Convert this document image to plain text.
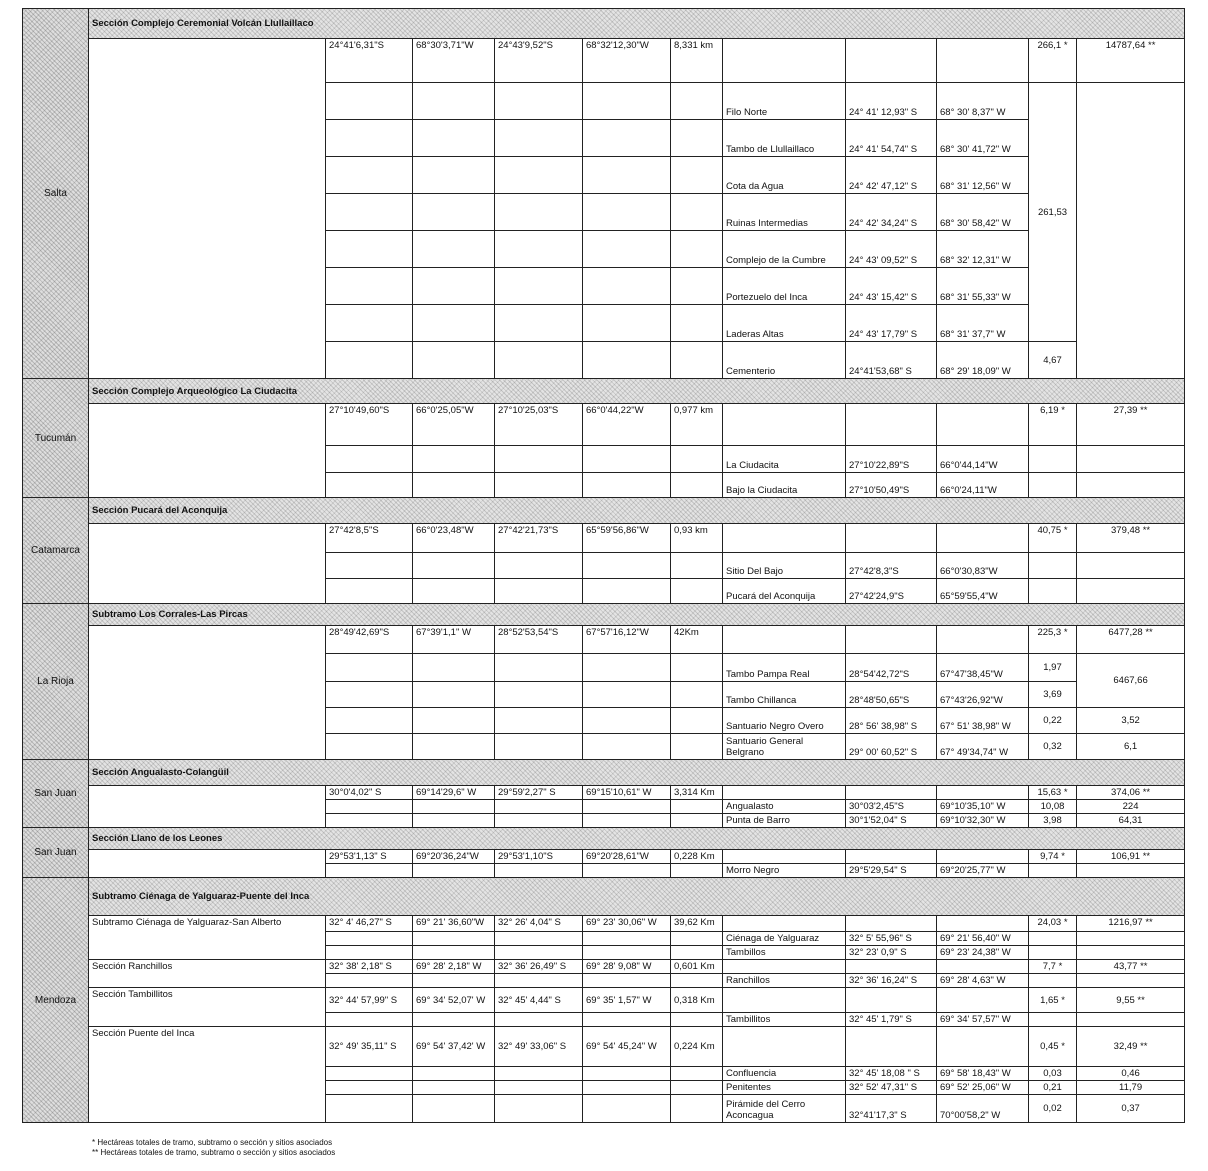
Salta	Sección Complejo Ceremonial Volcán Llullaillaco										
		24°41'6,31"S	68°30'3,71"W	24°43'9,52"S	68°32'12,30"W	8,331 km				266,1 *	14787,64 **
							Filo Norte	24° 41' 12,93" S	68° 30' 8,37" W	261,53	
							Tambo de Llullaillaco	24° 41' 54,74" S	68° 30' 41,72" W		
							Cota da Agua	24° 42' 47,12" S	68° 31' 12,56" W		
							Ruinas Intermedias	24° 42' 34,24" S	68° 30' 58,42" W		
							Complejo de la Cumbre	24° 43' 09,52" S	68° 32' 12,31" W		
							Portezuelo del Inca	24° 43' 15,42" S	68° 31' 55,33" W		
							Laderas Altas	24° 43' 17,79" S	68° 31' 37,7" W		
							Cementerio	24°41'53,68" S	68° 29' 18,09" W	4,67	
Tucumán	Sección Complejo Arqueológico La Ciudacita										
		27°10'49,60"S	66°0'25,05"W	27°10'25,03"S	66°0'44,22"W	0,977 km				6,19 *	27,39 **
							La Ciudacita	27°10'22,89"S	66°0'44,14"W		
							Bajo la Ciudacita	27°10'50,49"S	66°0'24,11"W		
Catamarca	Sección Pucará del Aconquija										
		27°42'8,5"S	66°0'23,48"W	27°42'21,73"S	65°59'56,86"W	0,93 km				40,75 *	379,48 **
							Sitio Del Bajo	27°42'8,3"S	66°0'30,83"W		
							Pucará del Aconquija	27°42'24,9"S	65°59'55,4"W		
La Rioja	Subtramo Los Corrales-Las Pircas										
		28°49'42,69"S	67°39'1,1" W	28°52'53,54"S	67°57'16,12"W	42Km				225,3 *	6477,28 **
							Tambo Pampa Real	28°54'42,72"S	67°47'38,45"W	1,97	6467,66
							Tambo Chillanca	28°48'50,65"S	67°43'26,92"W	3,69	
							Santuario Negro Overo	28° 56' 38,98" S	67° 51' 38,98" W	0,22	3,52
							Santuario General Belgrano	29° 00' 60,52" S	67° 49'34,74" W	0,32	6,1
San Juan	Sección Angualasto-Colangüil										
		30°0'4,02" S	69°14'29,6" W	29°59'2,27" S	69°15'10,61" W	3,314 Km				15,63 *	374,06 **
							Angualasto	30°03'2,45"S	69°10'35,10" W	10,08	224
							Punta de Barro	30°1'52,04" S	69°10'32,30" W	3,98	64,31
San Juan	Sección Llano de los Leones										
		29°53'1,13" S	69°20'36,24"W	29°53'1,10"S	69°20'28,61"W	0,228 Km				9,74 *	106,91 **
							Morro Negro	29°5'29,54" S	69°20'25,77" W		
Mendoza	Subtramo Ciénaga de Yalguaraz-Puente del Inca										
	Subtramo Ciénaga de Yalguaraz-San Alberto	32° 4' 46,27" S	69° 21' 36,60"W	32° 26' 4,04" S	69° 23' 30,06" W	39,62 Km				24,03 *	1216,97 **
							Ciénaga de Yalguaraz	32° 5' 55,96" S	69° 21' 56,40" W		
							Tambillos	32° 23' 0,9" S	69° 23' 24,38" W		
	Sección Ranchillos	32° 38' 2,18" S	69° 28' 2,18" W	32° 36' 26,49" S	69° 28' 9,08" W	0,601 Km				7,7 *	43,77 **
							Ranchillos	32° 36' 16,24" S	69° 28' 4,63" W		
	Sección Tambillitos	32° 44' 57,99" S	69° 34' 52,07' W	32° 45' 4,44" S	69° 35' 1,57" W	0,318 Km				1,65 *	9,55 **
							Tambillitos	32° 45' 1,79" S	69° 34' 57,57" W		
	Sección Puente del Inca	32° 49' 35,11" S	69° 54' 37,42' W	32° 49' 33,06" S	69° 54' 45,24" W	0,224 Km				0,45 *	32,49 **
							Confluencia	32° 45' 18,08 " S	69° 58' 18,43" W	0,03	0,46
							Penitentes	32° 52' 47,31" S	69° 52' 25,06" W	0,21	11,79
							Pirámide del Cerro Aconcagua	32°41'17,3" S	70°00'58,2" W	0,02	0,37
* Hectáreas totales de tramo, subtramo o sección y sitios asociados
** Hectáreas totales de tramo, subtramo o sección y sitios asociados
